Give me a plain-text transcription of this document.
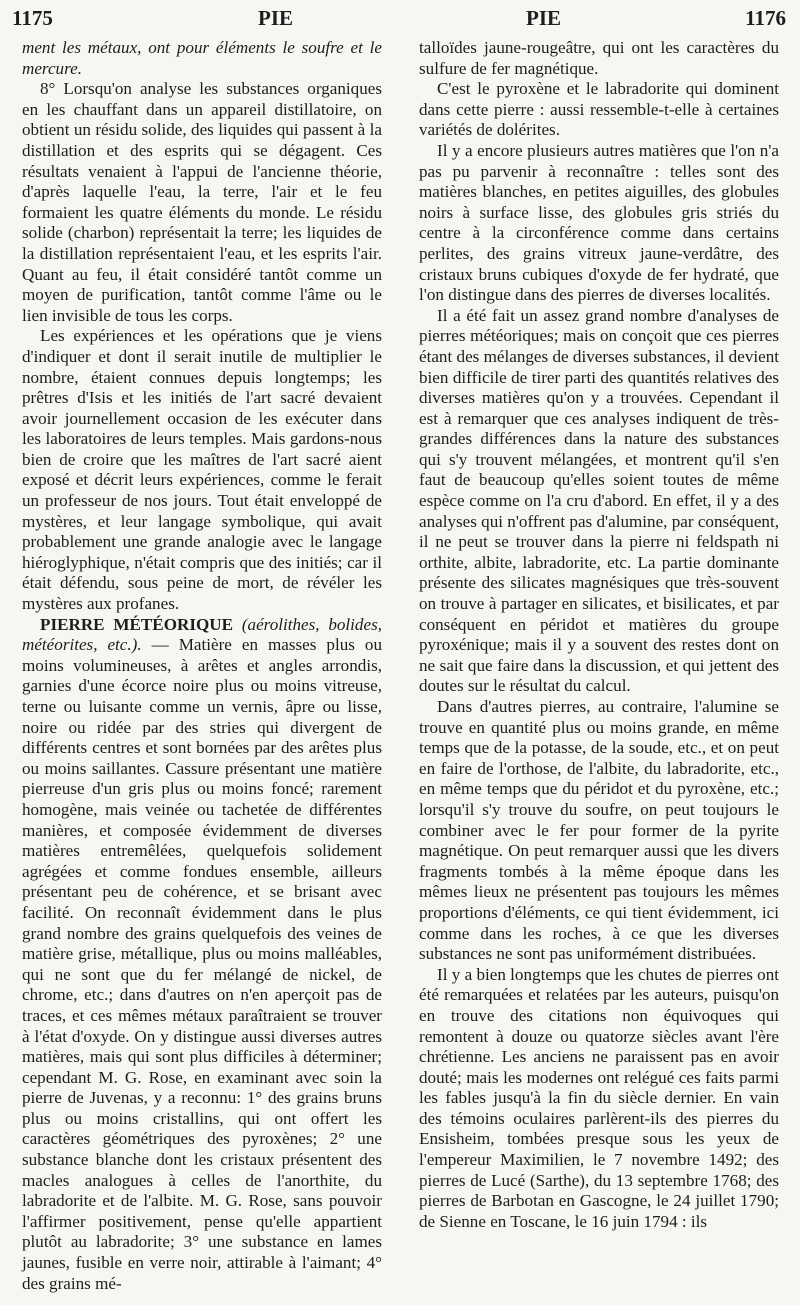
1175	PIE	PIE	1176

ment les métaux, ont pour éléments le soufre et le mercure.

8° Lorsqu'on analyse les substances organiques en les chauffant dans un appareil distillatoire, on obtient un résidu solide, des liquides qui passent à la distillation et des esprits qui se dégagent. Ces résultats venaient à l'appui de l'ancienne théorie, d'après laquelle l'eau, la terre, l'air et le feu formaient les quatre éléments du monde. Le résidu solide (charbon) représentait la terre; les liquides de la distillation représentaient l'eau, et les esprits l'air. Quant au feu, il était considéré tantôt comme un moyen de purification, tantôt comme l'âme ou le lien invisible de tous les corps.

Les expériences et les opérations que je viens d'indiquer et dont il serait inutile de multiplier le nombre, étaient connues depuis longtemps; les prêtres d'Isis et les initiés de l'art sacré devaient avoir journellement occasion de les exécuter dans les laboratoires de leurs temples. Mais gardons-nous bien de croire que les maîtres de l'art sacré aient exposé et décrit leurs expériences, comme le ferait un professeur de nos jours. Tout était enveloppé de mystères, et leur langage symbolique, qui avait probablement une grande analogie avec le langage hiéroglyphique, n'était compris que des initiés; car il était défendu, sous peine de mort, de révéler les mystères aux profanes.

PIERRE MÉTÉORIQUE (aérolithes, bolides, météorites, etc.). — Matière en masses plus ou moins volumineuses, à arêtes et angles arrondis, garnies d'une écorce noire plus ou moins vitreuse, terne ou luisante comme un vernis, âpre ou lisse, noire ou ridée par des stries qui divergent de différents centres et sont bornées par des arêtes plus ou moins saillantes. Cassure présentant une matière pierreuse d'un gris plus ou moins foncé; rarement homogène, mais veinée ou tachetée de différentes manières, et composée évidemment de diverses matières entremêlées, quelquefois solidement agrégées et comme fondues ensemble, ailleurs présentant peu de cohérence, et se brisant avec facilité. On reconnaît évidemment dans le plus grand nombre des grains quelquefois des veines de matière grise, métallique, plus ou moins malléables, qui ne sont que du fer mélangé de nickel, de chrome, etc.; dans d'autres on n'en aperçoit pas de traces, et ces mêmes métaux paraîtraient se trouver à l'état d'oxyde. On y distingue aussi diverses autres matières, mais qui sont plus difficiles à déterminer; cependant M. G. Rose, en examinant avec soin la pierre de Juvenas, y a reconnu: 1° des grains bruns plus ou moins cristallins, qui ont offert les caractères géométriques des pyroxènes; 2° une substance blanche dont les cristaux présentent des macles analogues à celles de l'anorthite, du labradorite et de l'albite. M. G. Rose, sans pouvoir l'affirmer positivement, pense qu'elle appartient plutôt au labradorite; 3° une substance en lames jaunes, fusible en verre noir, attirable à l'aimant; 4° des grains mé-

talloïdes jaune-rougeâtre, qui ont les caractères du sulfure de fer magnétique.

C'est le pyroxène et le labradorite qui dominent dans cette pierre : aussi ressemble-t-elle à certaines variétés de dolérites.

Il y a encore plusieurs autres matières que l'on n'a pas pu parvenir à reconnaître : telles sont des matières blanches, en petites aiguilles, des globules noirs à surface lisse, des globules gris striés du centre à la circonférence comme dans certains perlites, des grains vitreux jaune-verdâtre, des cristaux bruns cubiques d'oxyde de fer hydraté, que l'on distingue dans des pierres de diverses localités.

Il a été fait un assez grand nombre d'analyses de pierres météoriques; mais on conçoit que ces pierres étant des mélanges de diverses substances, il devient bien difficile de tirer parti des quantités relatives des diverses matières qu'on y a trouvées. Cependant il est à remarquer que ces analyses indiquent de très-grandes différences dans la nature des substances qui s'y trouvent mélangées, et montrent qu'il s'en faut de beaucoup qu'elles soient toutes de même espèce comme on l'a cru d'abord. En effet, il y a des analyses qui n'offrent pas d'alumine, par conséquent, il ne peut se trouver dans la pierre ni feldspath ni orthite, albite, labradorite, etc. La partie dominante présente des silicates magnésiques que très-souvent on trouve à partager en silicates, et bisilicates, et par conséquent en péridot et matières du groupe pyroxénique; mais il y a souvent des restes dont on ne sait que faire dans la discussion, et qui jettent des doutes sur le résultat du calcul.

Dans d'autres pierres, au contraire, l'alumine se trouve en quantité plus ou moins grande, en même temps que de la potasse, de la soude, etc., et on peut en faire de l'orthose, de l'albite, du labradorite, etc., en même temps que du péridot et du pyroxène, etc.; lorsqu'il s'y trouve du soufre, on peut toujours le combiner avec le fer pour former de la pyrite magnétique. On peut remarquer aussi que les divers fragments tombés à la même époque dans les mêmes lieux ne présentent pas toujours les mêmes proportions d'éléments, ce qui tient évidemment, ici comme dans les roches, à ce que les diverses substances ne sont pas uniformément distribuées.

Il y a bien longtemps que les chutes de pierres ont été remarquées et relatées par les auteurs, puisqu'on en trouve des citations non équivoques qui remontent à douze ou quatorze siècles avant l'ère chrétienne. Les anciens ne paraissent pas en avoir douté; mais les modernes ont relégué ces faits parmi les fables jusqu'à la fin du siècle dernier. En vain des témoins oculaires parlèrent-ils des pierres du Ensisheim, tombées presque sous les yeux de l'empereur Maximilien, le 7 novembre 1492; des pierres de Lucé (Sarthe), du 13 septembre 1768; des pierres de Barbotan en Gascogne, le 24 juillet 1790; de Sienne en Toscane, le 16 juin 1794 : ils
